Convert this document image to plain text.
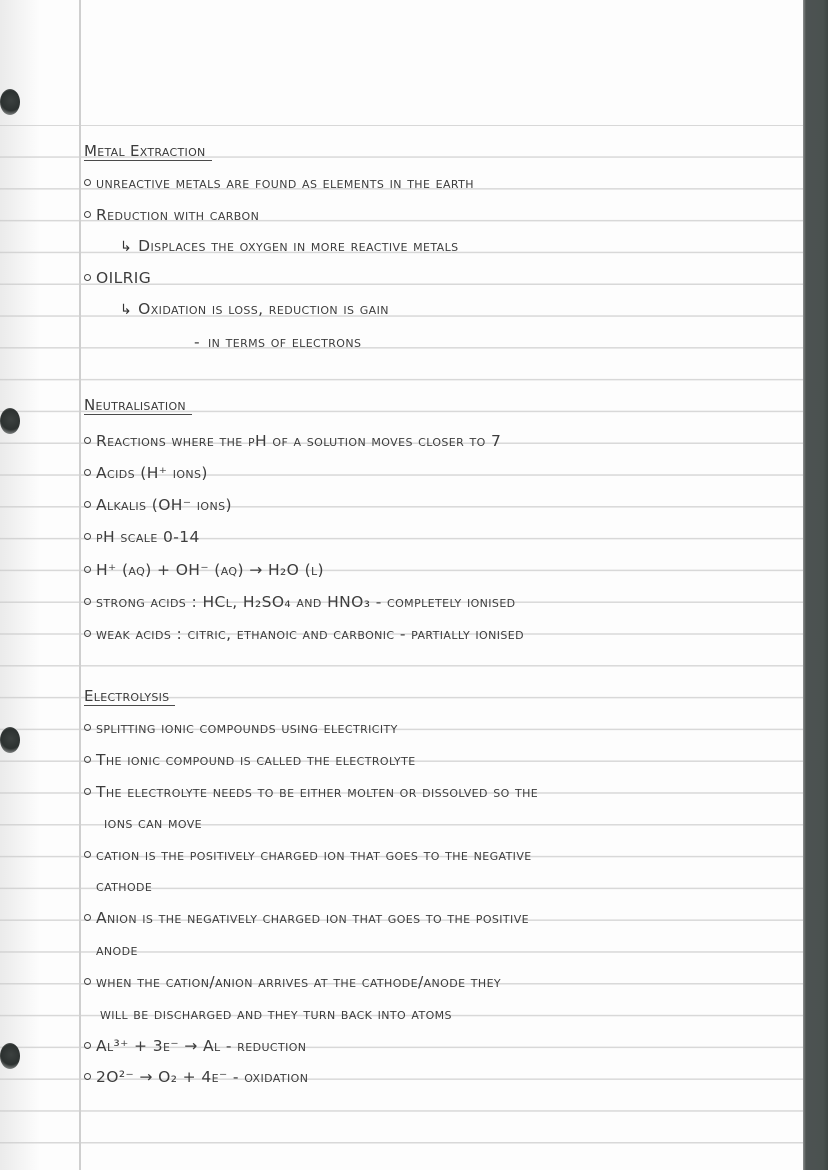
Metal Extraction
unreactive metals are found as elements in the earth
Reduction with carbon
↳ Displaces the oxygen in more reactive metals
OILRIG
↳ Oxidation is loss, reduction is gain
- in terms of electrons
Neutralisation
Reactions where the pH of a solution moves closer to 7
Acids (H⁺ ions)
Alkalis (OH⁻ ions)
pH scale 0-14
H⁺ (aq) + OH⁻ (aq) → H₂O (l)
strong acids : HCl, H₂SO₄ and HNO₃ - completely ionised
weak acids : citric, ethanoic and carbonic - partially ionised
Electrolysis
splitting ionic compounds using electricity
The ionic compound is called the electrolyte
The electrolyte needs to be either molten or dissolved so the
ions can move
cation is the positively charged ion that goes to the negative
cathode
Anion is the negatively charged ion that goes to the positive
anode
when the cation/anion arrives at the cathode/anode they
will be discharged and they turn back into atoms
Al³⁺ + 3e⁻ → Al - reduction
2O²⁻ → O₂ + 4e⁻ - oxidation
